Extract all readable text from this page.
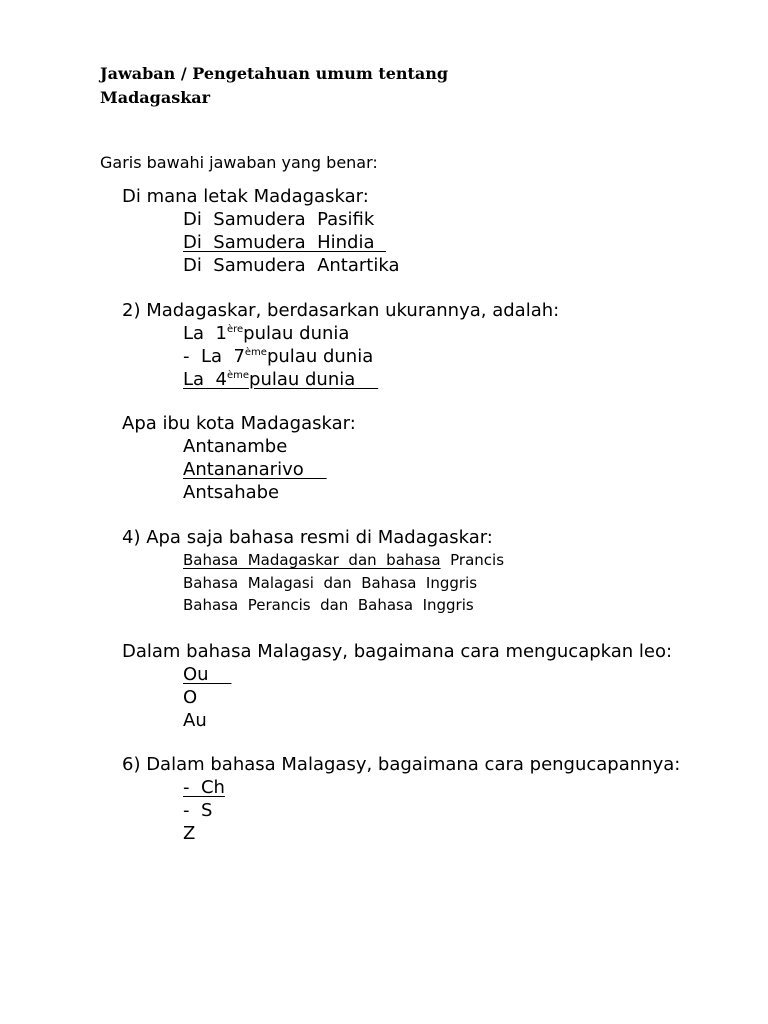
Jawaban / Pengetahuan umum tentang
Madagaskar
Garis bawahi jawaban yang benar:
Di mana letak Madagaskar:
Di  Samudera  Pasifik
Di  Samudera  Hindia
Di  Samudera  Antartika
2) Madagaskar, berdasarkan ukurannya, adalah:
La  1èrepulau dunia
-  La  7èmepulau dunia
La  4èmepulau dunia
Apa ibu kota Madagaskar:
Antanambe
Antananarivo
Antsahabe
4) Apa saja bahasa resmi di Madagaskar:
Bahasa  Madagaskar  dan  bahasa  Prancis
Bahasa  Malagasi  dan  Bahasa  Inggris
Bahasa  Perancis  dan  Bahasa  Inggris
Dalam bahasa Malagasy, bagaimana cara mengucapkan leo:
Ou
O
Au
6) Dalam bahasa Malagasy, bagaimana cara pengucapannya:
-  Ch
-  S
Z
